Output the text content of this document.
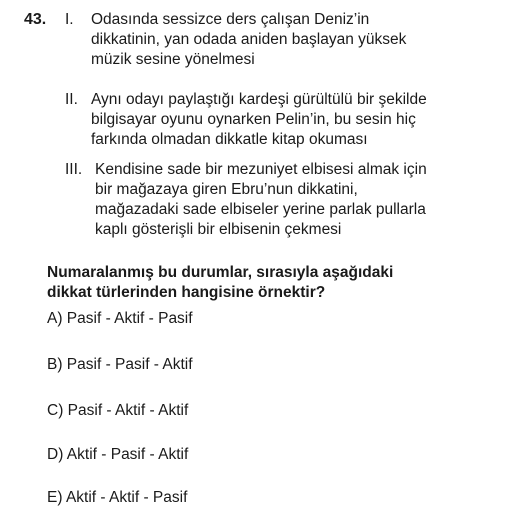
43. I.	Odasında sessizce ders çalışan Deniz’in
dikkatinin, yan odada aniden başlayan yüksek
müzik sesine yönelmesi
II. Aynı odayı paylaştığı kardeşi gürültülü bir şekilde
bilgisayar oyunu oynarken Pelin’in, bu sesin hiç
farkında olmadan dikkatle kitap okuması
III. Kendisine sade bir mezuniyet elbisesi almak için
bir mağazaya giren Ebru’nun dikkatini,
mağazadaki sade elbiseler yerine parlak pullarla
kaplı gösterişli bir elbisenin çekmesi
Numaralanmış bu durumlar, sırasıyla aşağıdaki
dikkat türlerinden hangisine örnektir?
A) Pasif - Aktif - Pasif
B) Pasif - Pasif - Aktif
C) Pasif - Aktif - Aktif
D) Aktif - Pasif - Aktif
E) Aktif - Aktif - Pasif
